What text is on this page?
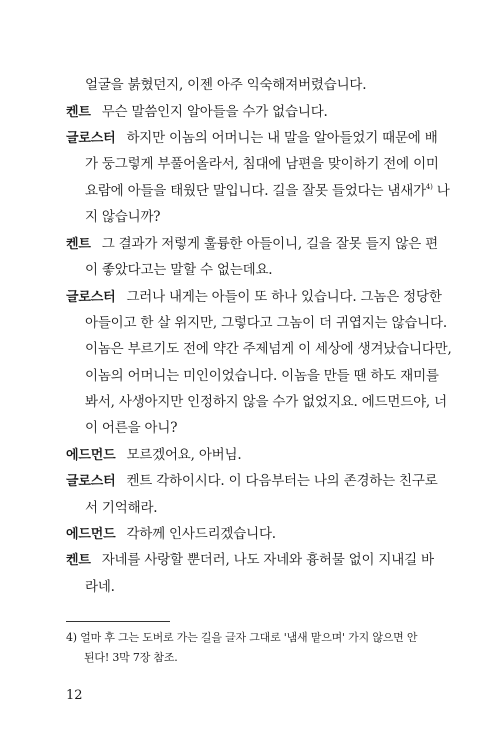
얼굴을 붉혔던지, 이젠 아주 익숙해져버렸습니다.
켄트 무슨 말씀인지 알아들을 수가 없습니다.
글로스터 하지만 이놈의 어머니는 내 말을 알아들었기 때문에 배
가 둥그렇게 부풀어올라서, 침대에 남편을 맞이하기 전에 이미
요람에 아들을 태웠단 말입니다. 길을 잘못 들었다는 냄새가$^{4)}$ 나
지 않습니까?
켄트 그 결과가 저렇게 훌륭한 아들이니, 길을 잘못 들지 않은 편
이 좋았다고는 말할 수 없는데요.
글로스터 그러나 내게는 아들이 또 하나 있습니다. 그놈은 정당한
아들이고 한 살 위지만, 그렇다고 그놈이 더 귀엽지는 않습니다.
이놈은 부르기도 전에 약간 주제넘게 이 세상에 생겨났습니다만,
이놈의 어머니는 미인이었습니다. 이놈을 만들 땐 하도 재미를
봐서, 사생아지만 인정하지 않을 수가 없었지요. 에드먼드야, 너
이 어른을 아니?
에드먼드 모르겠어요, 아버님.
글로스터 켄트 각하이시다. 이 다음부터는 나의 존경하는 친구로
서 기억해라.
에드먼드 각하께 인사드리겠습니다.
켄트 자네를 사랑할 뿐더러, 나도 자네와 흉허물 없이 지내길 바
라네.
4) 얼마 후 그는 도버로 가는 길을 글자 그대로 '냄새 맡으며' 가지 않으면 안
된다! 3막 7장 참조.
12
